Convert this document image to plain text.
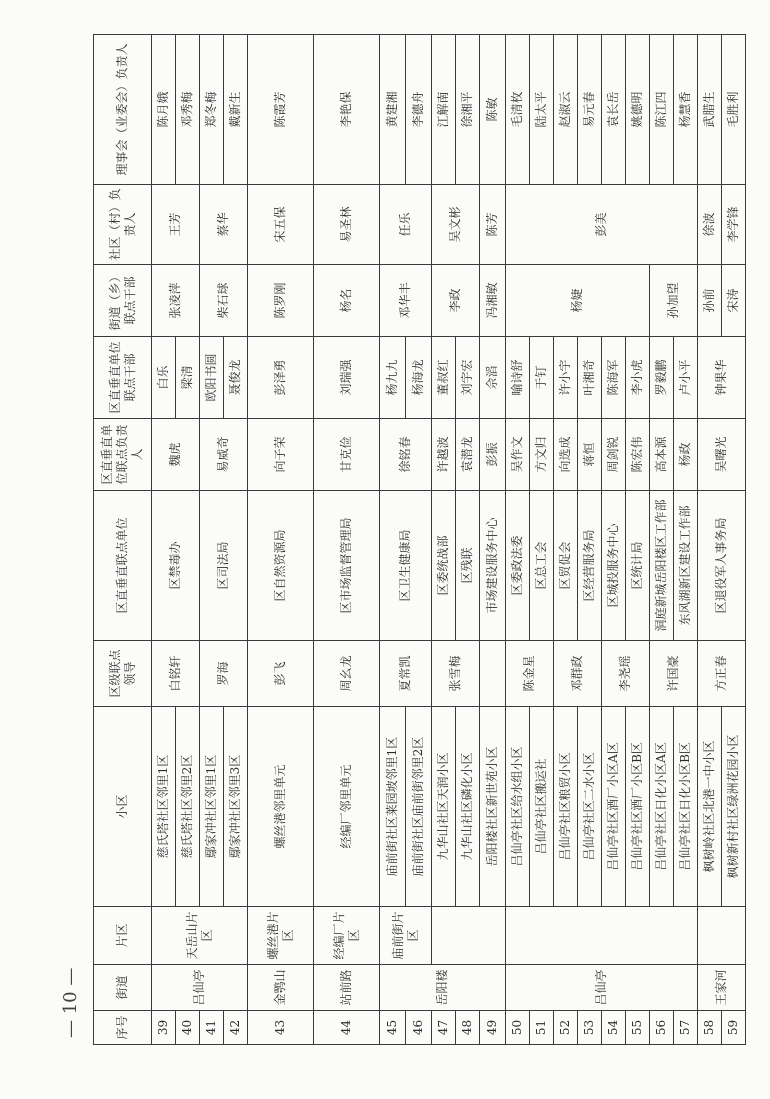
序号	街道	片区	小区	区级联点领导	区直垂直联点单位	区直垂直单位联点负责人	区直垂直单位联点干部	街道（乡）联点干部	社区（村）负责人	理事会（业委会）负责人
39	吕仙亭	天岳山片区	慈氏塔社区邻里1区	白铭轩	区禁毒办	魏虎	白乐	张凌萍	王芳	陈月娥
40			慈氏塔社区邻里2区				梁清			邓秀梅
41			鄢家冲社区邻里1区	罗海	区司法局	易威奇	欧阳书圆	柴石球	蔡华	郑冬梅
42			鄢家冲社区邻里3区				聂俊龙			戴新生
43	金鹗山	螺丝港片区	螺丝港邻里单元	彭飞	区自然资源局	向子荣	彭泽勇	陈罗刚	宋五保	陈霞芳
44	站前路	经编厂片区	经编厂邻里单元	周幺龙	区市场监督管理局	甘克俭	刘瑞强	杨名	易圣林	李艳保
45	岳阳楼	庙前街片区	庙前街社区莱园坡邻里1区	夏常凯	区卫生健康局	徐铭春	杨九九	邓华丰	任乐	黄建湘
46			庙前街社区庙前街邻里2区				杨海龙			李德舟
47			九华山社区天润小区	张雪梅	区委统战部	许越波	董叔红	李政	吴文彬	江解南
48			九华山社区磷化小区		区残联	袁潜龙	刘宇宏			徐湘平
49			岳阳楼社区新世苑小区		市场建设服务中心	彭振	佘滔	冯湘敏	陈芳	陈敏
50	吕仙亭		吕仙亭社区给水组小区	陈金星	区委政法委	吴作文	喻诗舒	杨婕	彭美	毛清枚
51			吕仙亭社区搬运社		区总工会	方文归	于钉			陆太平
52			吕仙亭社区粮贸小区	邓群政	区贸促会	向选成	许小宇			赵淑云
53			吕仙亭社区二水小区		区经营服务局	蒋恒	叶湘奇			易元春
54			吕仙亭社区酒厂小区A区	李尧瑶	区城投服务中心	周剑锐	陈海军			袁长岳
55			吕仙亭社区酒厂小区B区		区统计局	陈宏伟	李小虎			姚德明
56			吕仙亭社区日化小区A区	许国豪	洞庭新城岳阳楼区工作部	高本源	罗毅鹏	孙加望		陈江四
57			吕仙亭社区日化小区B区		东风湖新区建设工作部	杨政	卢小平			杨慧香
58	王家河		枫树岭社区北港一中小区	方正春	区退役军人事务局	吴曙光	钟果华	孙前	徐波	武腊生
59			枫树新村社区绿洲花园小区					宋涛	李学锋	毛胜利
— 10 —
